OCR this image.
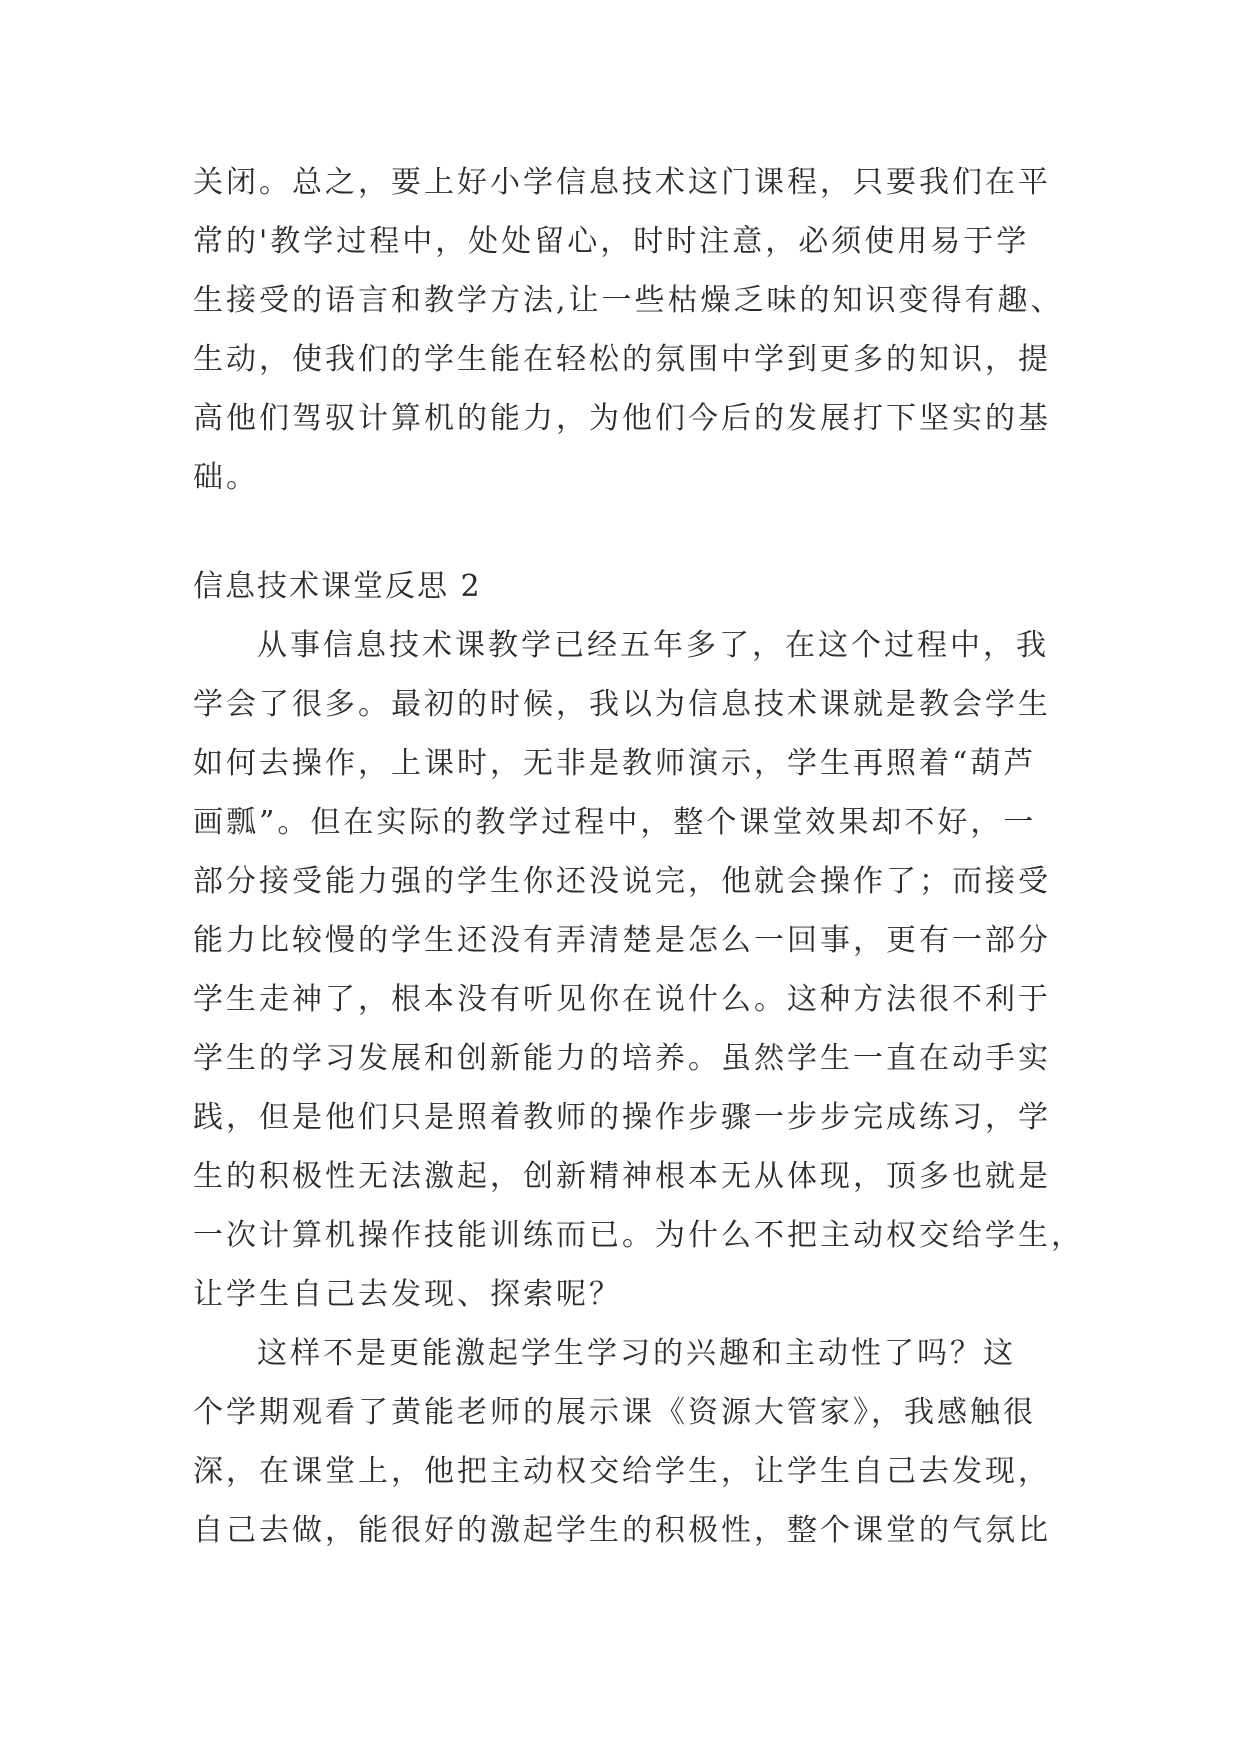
关闭。总之，要上好小学信息技术这门课程，只要我们在平

常的'教学过程中，处处留心，时时注意，必须使用易于学

生接受的语言和教学方法,让一些枯燥乏味的知识变得有趣、

生动，使我们的学生能在轻松的氛围中学到更多的知识，提

高他们驾驭计算机的能力，为他们今后的发展打下坚实的基

础。

信息技术课堂反思 2

从事信息技术课教学已经五年多了，在这个过程中，我

学会了很多。最初的时候，我以为信息技术课就是教会学生

如何去操作，上课时，无非是教师演示，学生再照着“葫芦

画瓢”。但在实际的教学过程中，整个课堂效果却不好，一

部分接受能力强的学生你还没说完，他就会操作了；而接受

能力比较慢的学生还没有弄清楚是怎么一回事，更有一部分

学生走神了，根本没有听见你在说什么。这种方法很不利于

学生的学习发展和创新能力的培养。虽然学生一直在动手实

践，但是他们只是照着教师的操作步骤一步步完成练习，学

生的积极性无法激起，创新精神根本无从体现，顶多也就是

一次计算机操作技能训练而已。为什么不把主动权交给学生，

让学生自己去发现、探索呢？

这样不是更能激起学生学习的兴趣和主动性了吗？这

个学期观看了黄能老师的展示课《资源大管家》，我感触很

深，在课堂上，他把主动权交给学生，让学生自己去发现，

自己去做，能很好的激起学生的积极性，整个课堂的气氛比
